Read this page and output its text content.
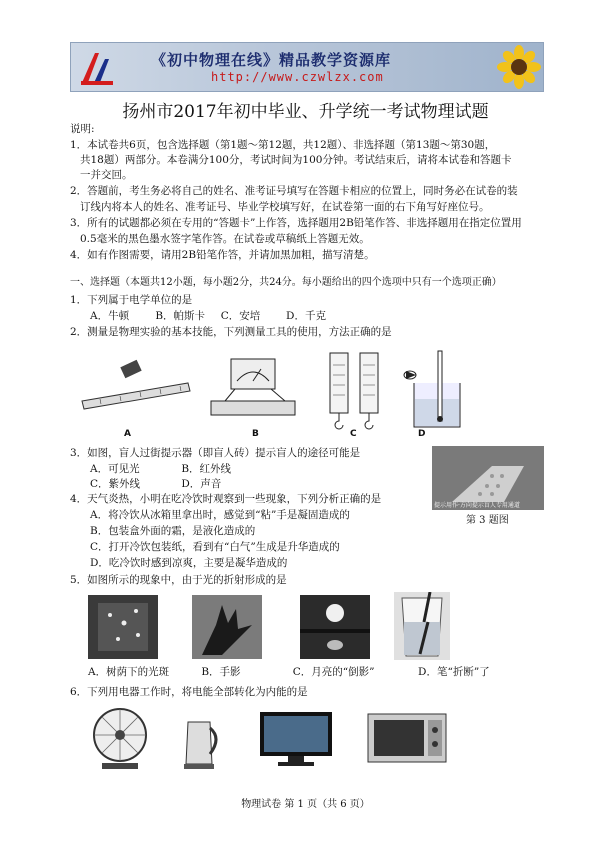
《初中物理在线》精品教学资源库
http://www.czwlzx.com
扬州市2017年初中毕业、升学统一考试物理试题
说明:
1．本试卷共6页，包含选择题（第1题～第12题，共12题）、非选择题（第13题～第30题，
共18题）两部分。本卷满分100分，考试时间为100分钟。考试结束后，请将本试卷和答题卡
一并交回。
2．答题前，考生务必将自己的姓名、准考证号填写在答题卡相应的位置上，同时务必在试卷的装
订线内将本人的姓名、准考证号、毕业学校填写好，在试卷第一面的右下角写好座位号。
3．所有的试题都必须在专用的“答题卡”上作答，选择题用2B铅笔作答、非选择题用在指定位置用
0.5毫米的黑色墨水签字笔作答。在试卷或草稿纸上答题无效。
4．如有作图需要，请用2B铅笔作答，并请加黑加粗，描写清楚。
一、选择题（本题共12小题，每小题2分，共24分。每小题给出的四个选项中只有一个选项正确）
1．下列属于电学单位的是
A．牛顿	B．帕斯卡 C．安培 D．千克
2．测量是物理实验的基本技能，下列测量工具的使用，方法正确的是
A	B	C	D
3．如图，盲人过街提示器（即盲人砖）提示盲人的途径可能是
A．可见光	B．红外线
C．紫外线	D．声音
提示用作·方向提示盲人专用通道
第 3 题图
4．天气炎热，小明在吃冷饮时观察到一些现象，下列分析正确的是
A．将冷饮从冰箱里拿出时，感觉到“粘”手是凝固造成的
B．包装盒外面的霜，是液化造成的
C．打开冷饮包装纸，看到有“白气”生成是升华造成的
D．吃冷饮时感到凉爽，主要是凝华造成的
5．如图所示的现象中，由于光的折射形成的是
A．树荫下的光斑	B．手影	C．月亮的“倒影”	D．笔“折断”了
6．下列用电器工作时，将电能全部转化为内能的是
物理试卷 第 1 页（共 6 页）
